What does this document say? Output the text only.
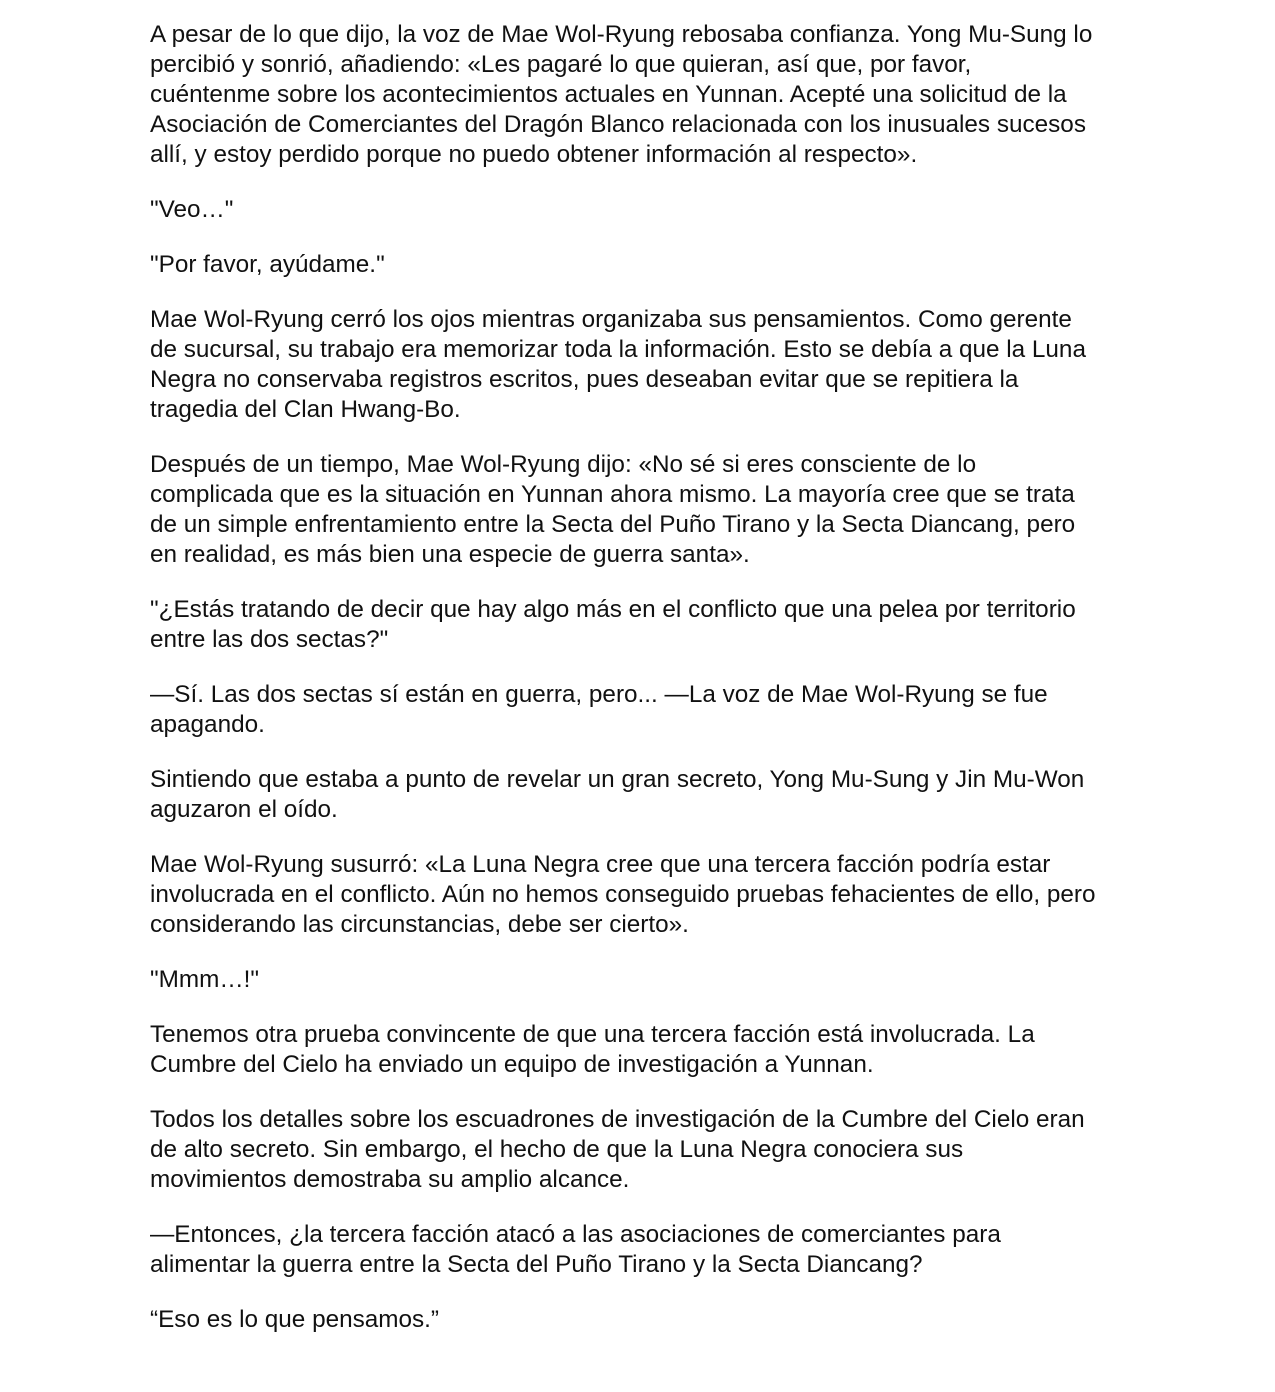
A pesar de lo que dijo, la voz de Mae Wol-Ryung rebosaba confianza. Yong Mu-Sung lo
percibió y sonrió, añadiendo: «Les pagaré lo que quieran, así que, por favor,
cuéntenme sobre los acontecimientos actuales en Yunnan. Acepté una solicitud de la
Asociación de Comerciantes del Dragón Blanco relacionada con los inusuales sucesos
allí, y estoy perdido porque no puedo obtener información al respecto».

"Veo…"

"Por favor, ayúdame."

Mae Wol-Ryung cerró los ojos mientras organizaba sus pensamientos. Como gerente
de sucursal, su trabajo era memorizar toda la información. Esto se debía a que la Luna
Negra no conservaba registros escritos, pues deseaban evitar que se repitiera la
tragedia del Clan Hwang-Bo.

Después de un tiempo, Mae Wol-Ryung dijo: «No sé si eres consciente de lo
complicada que es la situación en Yunnan ahora mismo. La mayoría cree que se trata
de un simple enfrentamiento entre la Secta del Puño Tirano y la Secta Diancang, pero
en realidad, es más bien una especie de guerra santa».

"¿Estás tratando de decir que hay algo más en el conflicto que una pelea por territorio
entre las dos sectas?"

—Sí. Las dos sectas sí están en guerra, pero... —La voz de Mae Wol-Ryung se fue
apagando.

Sintiendo que estaba a punto de revelar un gran secreto, Yong Mu-Sung y Jin Mu-Won
aguzaron el oído.

Mae Wol-Ryung susurró: «La Luna Negra cree que una tercera facción podría estar
involucrada en el conflicto. Aún no hemos conseguido pruebas fehacientes de ello, pero
considerando las circunstancias, debe ser cierto».

"Mmm…!"

Tenemos otra prueba convincente de que una tercera facción está involucrada. La
Cumbre del Cielo ha enviado un equipo de investigación a Yunnan.

Todos los detalles sobre los escuadrones de investigación de la Cumbre del Cielo eran
de alto secreto. Sin embargo, el hecho de que la Luna Negra conociera sus
movimientos demostraba su amplio alcance.

—Entonces, ¿la tercera facción atacó a las asociaciones de comerciantes para
alimentar la guerra entre la Secta del Puño Tirano y la Secta Diancang?

“Eso es lo que pensamos.”
